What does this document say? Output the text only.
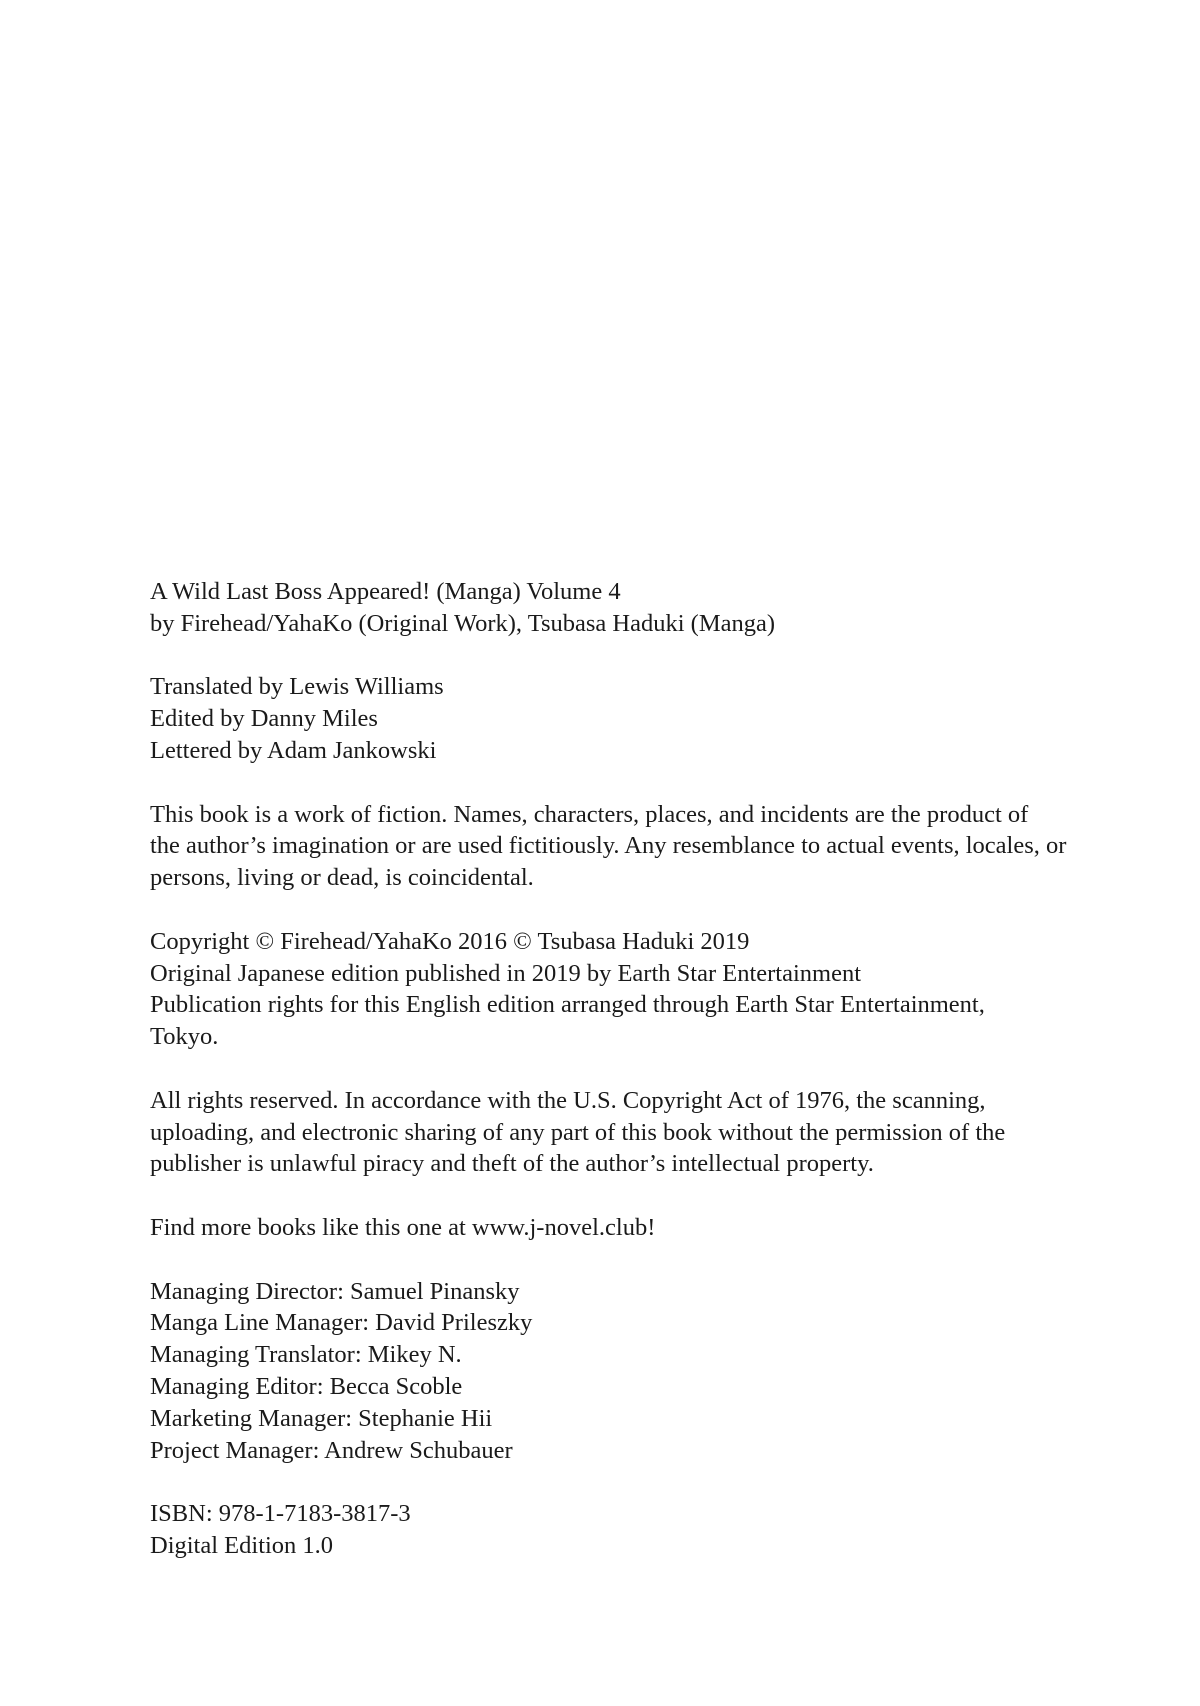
A Wild Last Boss Appeared! (Manga) Volume 4
by Firehead/YahaKo (Original Work), Tsubasa Haduki (Manga)
Translated by Lewis Williams
Edited by Danny Miles
Lettered by Adam Jankowski
This book is a work of fiction. Names, characters, places, and incidents are the product of
the author’s imagination or are used fictitiously. Any resemblance to actual events, locales, or
persons, living or dead, is coincidental.
Copyright © Firehead/YahaKo 2016 © Tsubasa Haduki 2019
Original Japanese edition published in 2019 by Earth Star Entertainment
Publication rights for this English edition arranged through Earth Star Entertainment,
Tokyo.
All rights reserved. In accordance with the U.S. Copyright Act of 1976, the scanning,
uploading, and electronic sharing of any part of this book without the permission of the
publisher is unlawful piracy and theft of the author’s intellectual property.
Find more books like this one at www.j-novel.club!
Managing Director: Samuel Pinansky
Manga Line Manager: David Prileszky
Managing Translator: Mikey N.
Managing Editor: Becca Scoble
Marketing Manager: Stephanie Hii
Project Manager: Andrew Schubauer
ISBN: 978-1-7183-3817-3
Digital Edition 1.0
